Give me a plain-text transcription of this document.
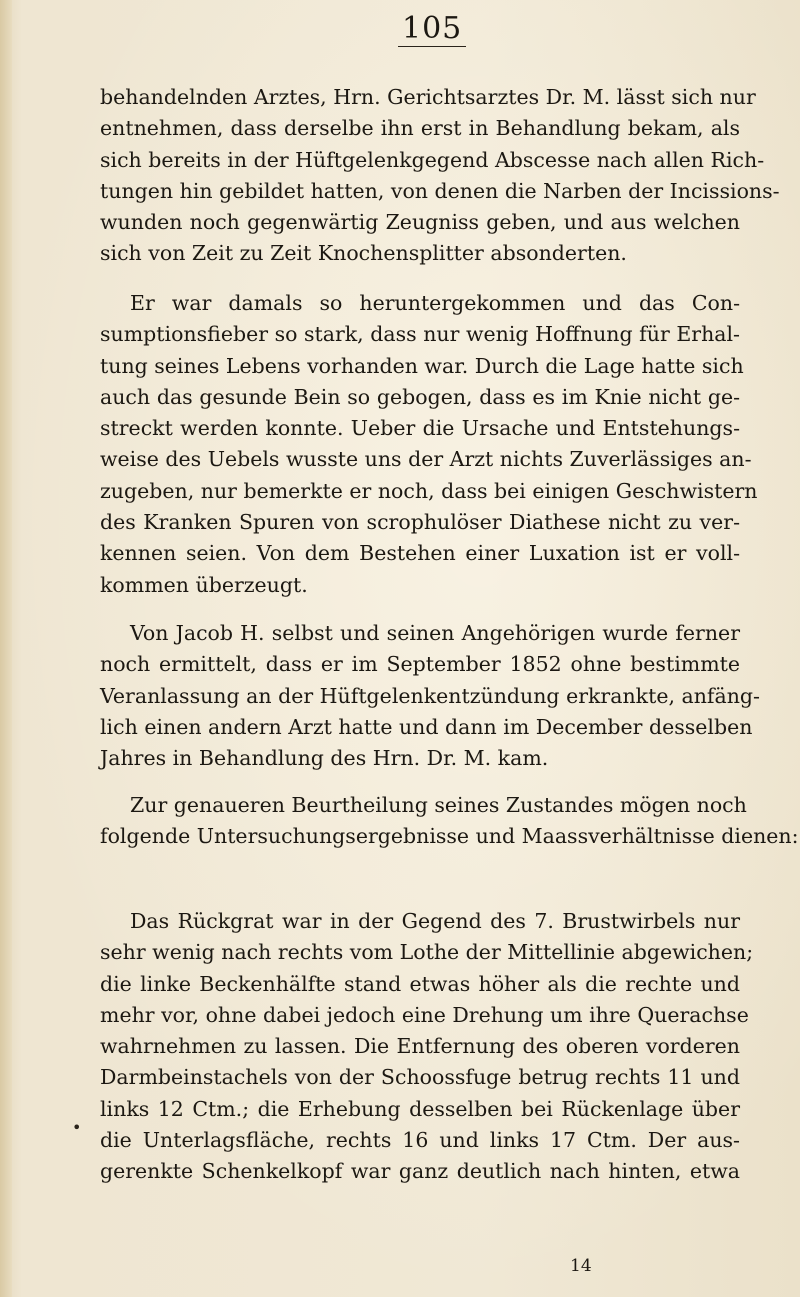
105
behandelnden Arztes, Hrn. Gerichtsarztes Dr. M. lässt sich nur
entnehmen, dass derselbe ihn erst in Behandlung bekam, als
sich bereits in der Hüftgelenkgegend Abscesse nach allen Rich-
tungen hin gebildet hatten, von denen die Narben der Incissions-
wunden noch gegenwärtig Zeugniss geben, und aus welchen
sich von Zeit zu Zeit Knochensplitter absonderten.
Er war damals so heruntergekommen und das Con-
sumptionsfieber so stark, dass nur wenig Hoffnung für Erhal-
tung seines Lebens vorhanden war. Durch die Lage hatte sich
auch das gesunde Bein so gebogen, dass es im Knie nicht ge-
streckt werden konnte. Ueber die Ursache und Entstehungs-
weise des Uebels wusste uns der Arzt nichts Zuverlässiges an-
zugeben, nur bemerkte er noch, dass bei einigen Geschwistern
des Kranken Spuren von scrophulöser Diathese nicht zu ver-
kennen seien. Von dem Bestehen einer Luxation ist er voll-
kommen überzeugt.
Von Jacob H. selbst und seinen Angehörigen wurde ferner
noch ermittelt, dass er im September 1852 ohne bestimmte
Veranlassung an der Hüftgelenkentzündung erkrankte, anfäng-
lich einen andern Arzt hatte und dann im December desselben
Jahres in Behandlung des Hrn. Dr. M. kam.
Zur genaueren Beurtheilung seines Zustandes mögen noch
folgende Untersuchungsergebnisse und Maassverhältnisse dienen:
Das Rückgrat war in der Gegend des 7. Brustwirbels nur
sehr wenig nach rechts vom Lothe der Mittellinie abgewichen;
die linke Beckenhälfte stand etwas höher als die rechte und
mehr vor, ohne dabei jedoch eine Drehung um ihre Querachse
wahrnehmen zu lassen. Die Entfernung des oberen vorderen
Darmbeinstachels von der Schoossfuge betrug rechts 11 und
links 12 Ctm.; die Erhebung desselben bei Rückenlage über
die Unterlagsfläche, rechts 16 und links 17 Ctm. Der aus-
gerenkte Schenkelkopf war ganz deutlich nach hinten, etwa
•
14
